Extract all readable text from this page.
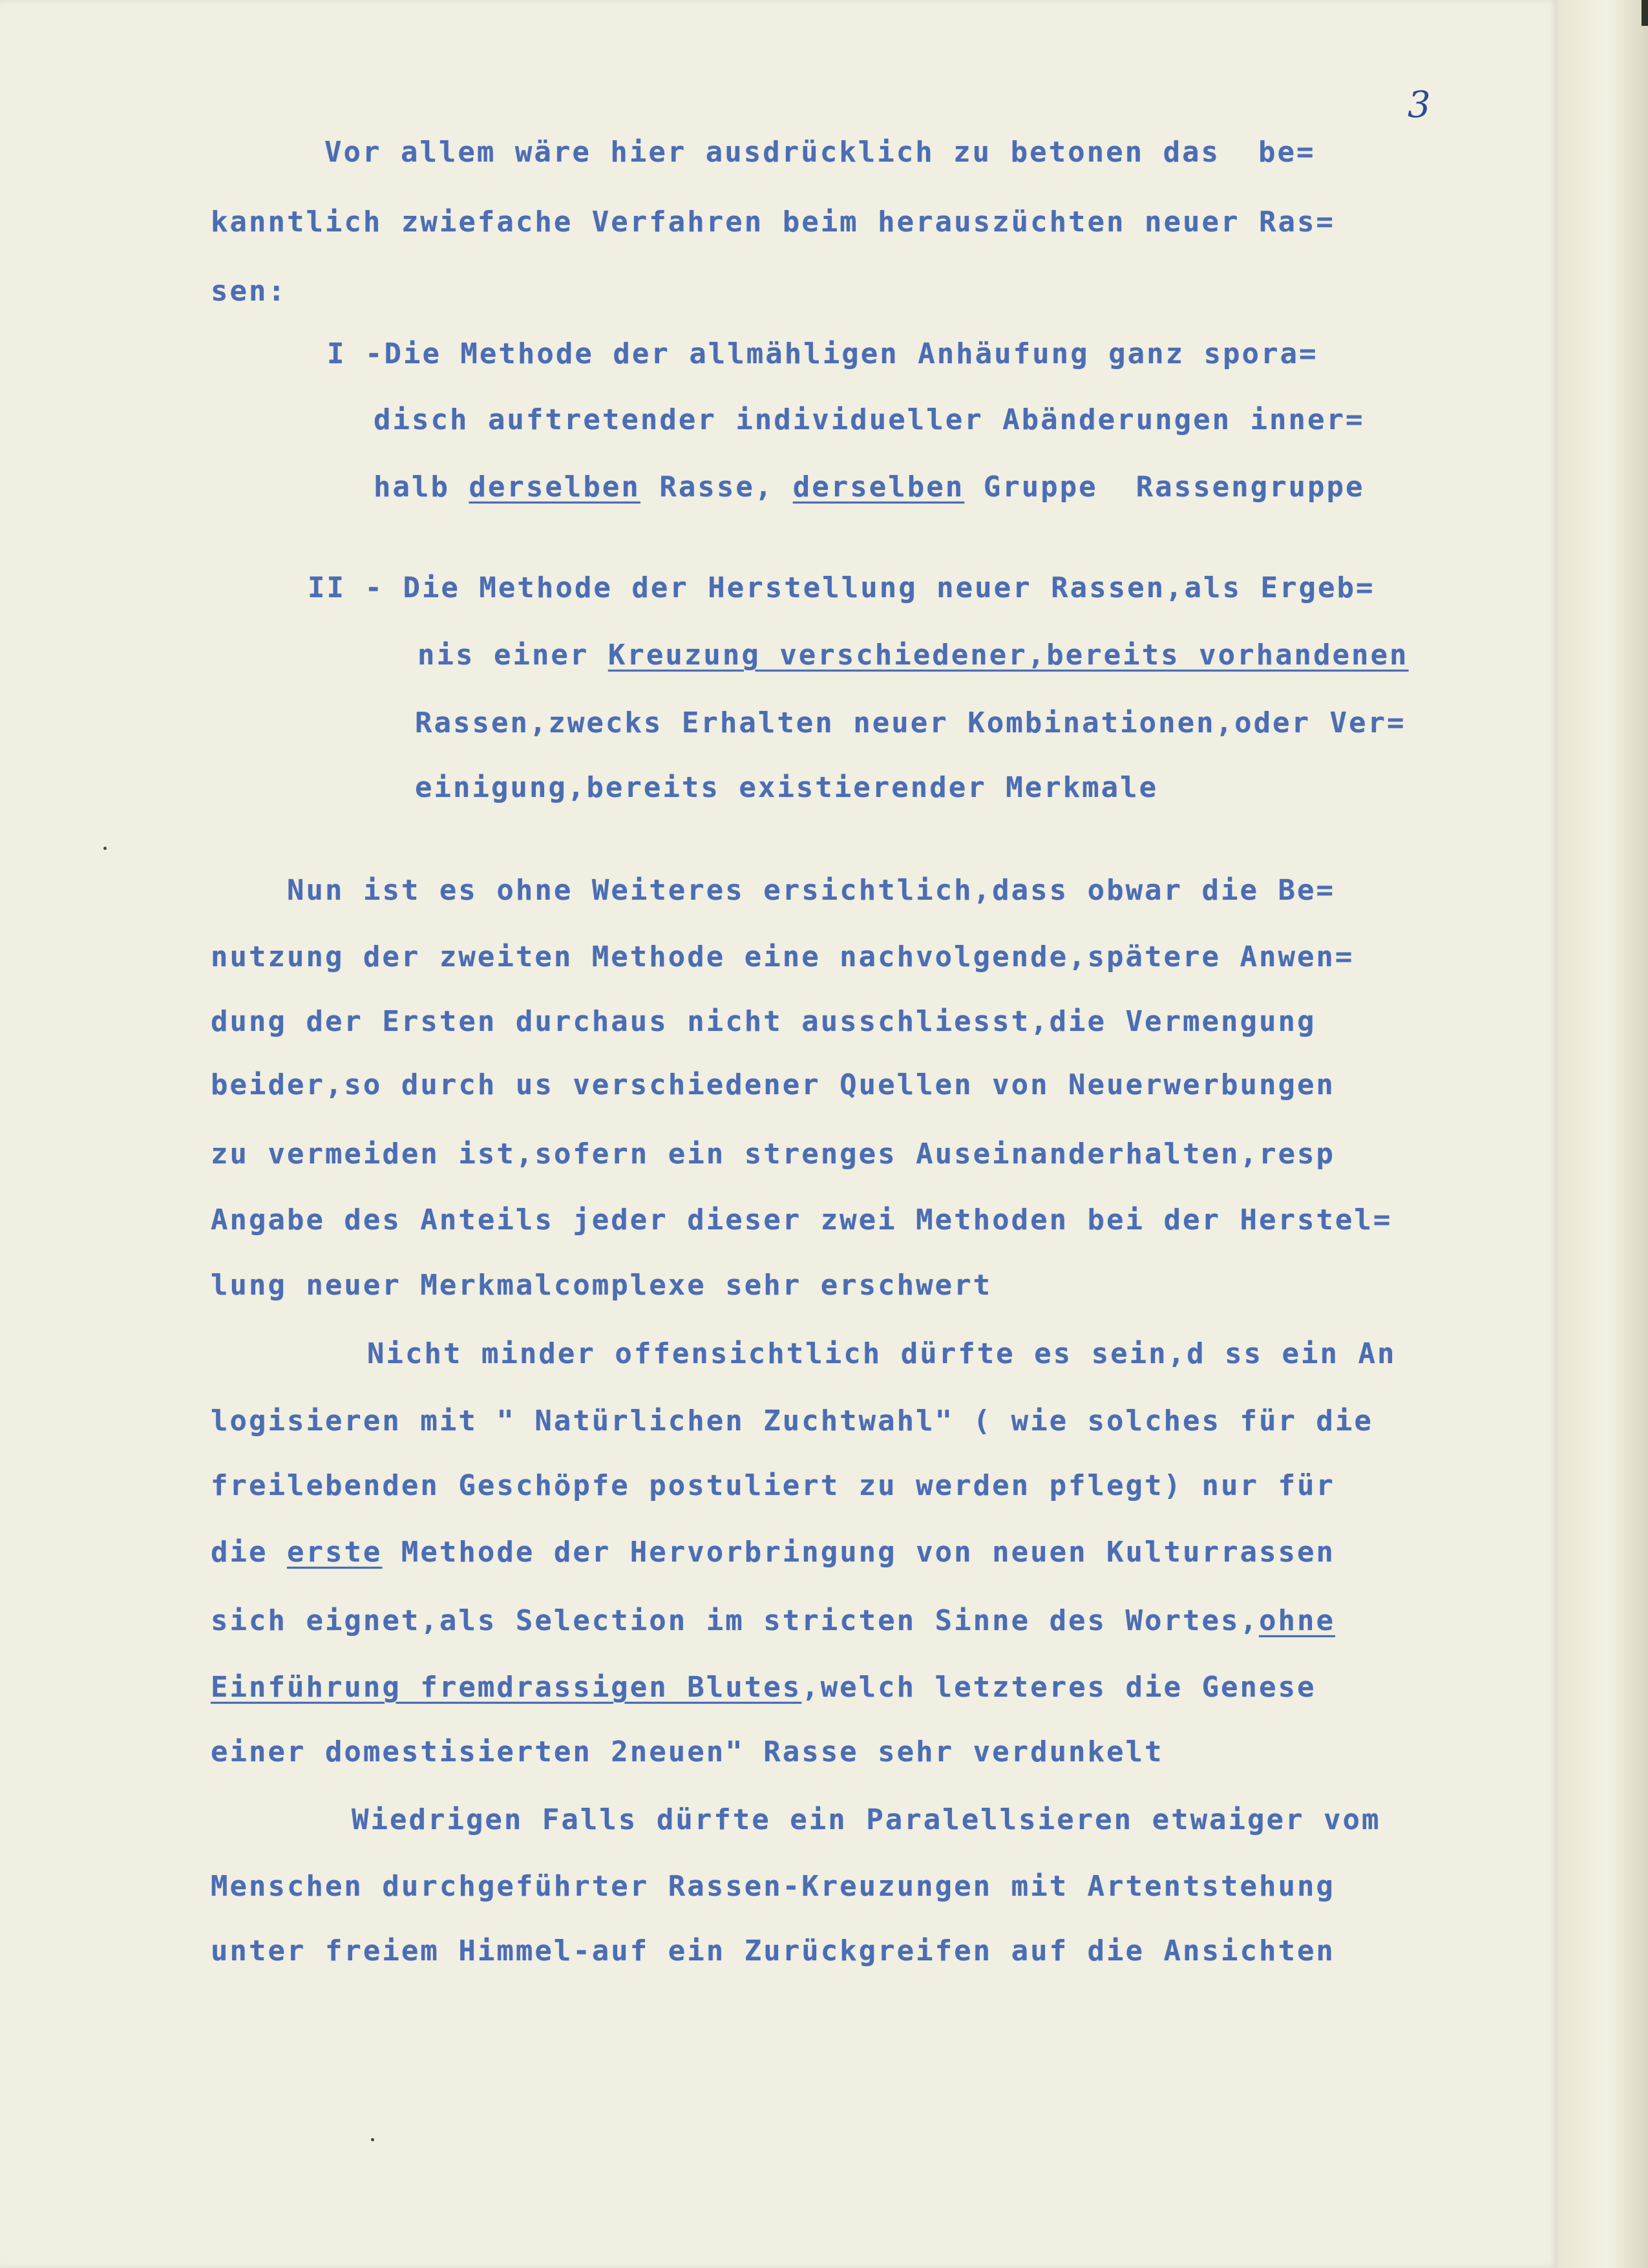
3
Vor allem wäre hier ausdrücklich zu betonen das  be=
kanntlich zwiefache Verfahren beim herauszüchten neuer Ras=
sen:
I -Die Methode der allmähligen Anhäufung ganz spora=
disch auftretender individueller Abänderungen inner=
halb derselben Rasse, derselben Gruppe  Rassengruppe
II - Die Methode der Herstellung neuer Rassen,als Ergeb=
nis einer Kreuzung verschiedener,bereits vorhandenen
Rassen,zwecks Erhalten neuer Kombinationen,oder Ver=
einigung,bereits existierender Merkmale
Nun ist es ohne Weiteres ersichtlich,dass obwar die Be=
nutzung der zweiten Methode eine nachvolgende,spätere Anwen=
dung der Ersten durchaus nicht ausschliesst,die Vermengung
beider,so durch us verschiedener Quellen von Neuerwerbungen
zu vermeiden ist,sofern ein strenges Auseinanderhalten,resp
Angabe des Anteils jeder dieser zwei Methoden bei der Herstel=
lung neuer Merkmalcomplexe sehr erschwert
Nicht minder offensichtlich dürfte es sein,d ss ein An
logisieren mit " Natürlichen Zuchtwahl" ( wie solches für die
freilebenden Geschöpfe postuliert zu werden pflegt) nur für
die erste Methode der Hervorbringung von neuen Kulturrassen
sich eignet,als Selection im stricten Sinne des Wortes,ohne
Einführung fremdrassigen Blutes,welch letzteres die Genese
einer domestisierten 2neuen" Rasse sehr verdunkelt
Wiedrigen Falls dürfte ein Paralellsieren etwaiger vom
Menschen durchgeführter Rassen-Kreuzungen mit Artentstehung
unter freiem Himmel-auf ein Zurückgreifen auf die Ansichten
